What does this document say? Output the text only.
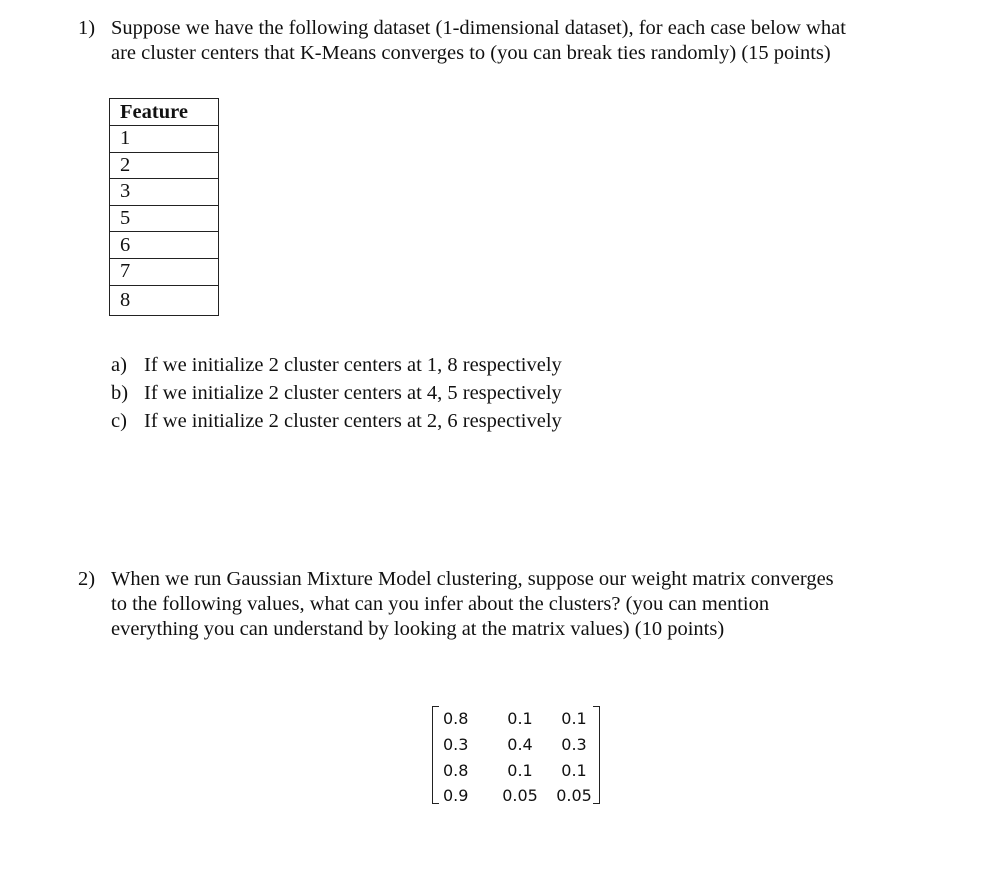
1) Suppose we have the following dataset (1-dimensional dataset), for each case below what
are cluster centers that K-Means converges to (you can break ties randomly) (15 points)
Feature
1
2
3
5
6
7
8
a) If we initialize 2 cluster centers at 1, 8 respectively
b) If we initialize 2 cluster centers at 4, 5 respectively
c) If we initialize 2 cluster centers at 2, 6 respectively
2) When we run Gaussian Mixture Model clustering, suppose our weight matrix converges
to the following values, what can you infer about the clusters? (you can mention
everything you can understand by looking at the matrix values) (10 points)
0.8	0.1	0.1
0.3	0.4	0.3
0.8	0.1	0.1
0.9	0.05	0.05
